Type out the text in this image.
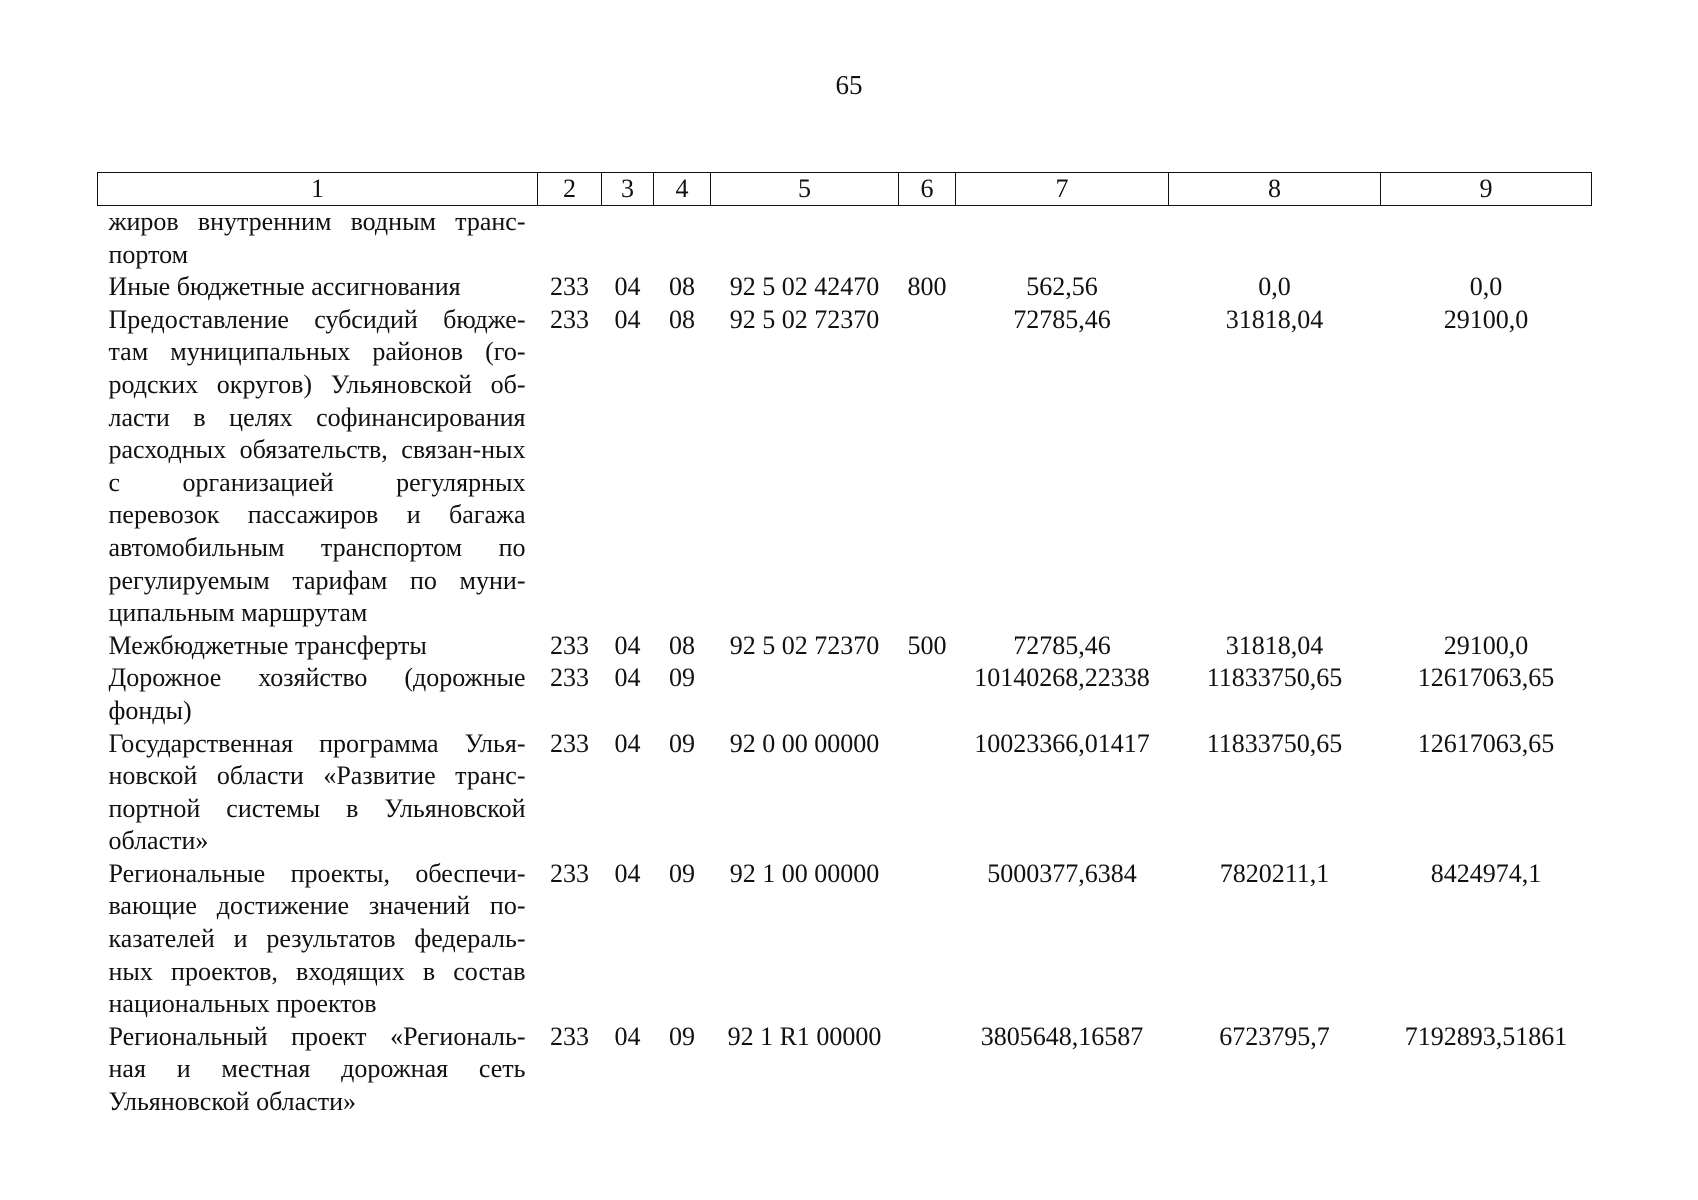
65
1	2	3	4	5	6	7	8	9
жиров внутренним водным транс-портом								
Иные бюджетные ассигнования	233	04	08	92 5 02 42470	800	562,56	0,0	0,0
Предоставление субсидий бюдже-там муниципальных районов (го-родских округов) Ульяновской об-ласти в целях софинансирования расходных обязательств, связан-ных с организацией регулярных перевозок пассажиров и багажа автомобильным транспортом по регулируемым тарифам по муни-ципальным маршрутам	233	04	08	92 5 02 72370		72785,46	31818,04	29100,0
Межбюджетные трансферты	233	04	08	92 5 02 72370	500	72785,46	31818,04	29100,0
Дорожное хозяйство (дорожные фонды)	233	04	09			10140268,22338	11833750,65	12617063,65
Государственная программа Улья-новской области «Развитие транс-портной системы в Ульяновской области»	233	04	09	92 0 00 00000		10023366,01417	11833750,65	12617063,65
Региональные проекты, обеспечи-вающие достижение значений по-казателей и результатов федераль-ных проектов, входящих в состав национальных проектов	233	04	09	92 1 00 00000		5000377,6384	7820211,1	8424974,1
Региональный проект «Региональ-ная и местная дорожная сеть Ульяновской области»	233	04	09	92 1 R1 00000		3805648,16587	6723795,7	7192893,51861
